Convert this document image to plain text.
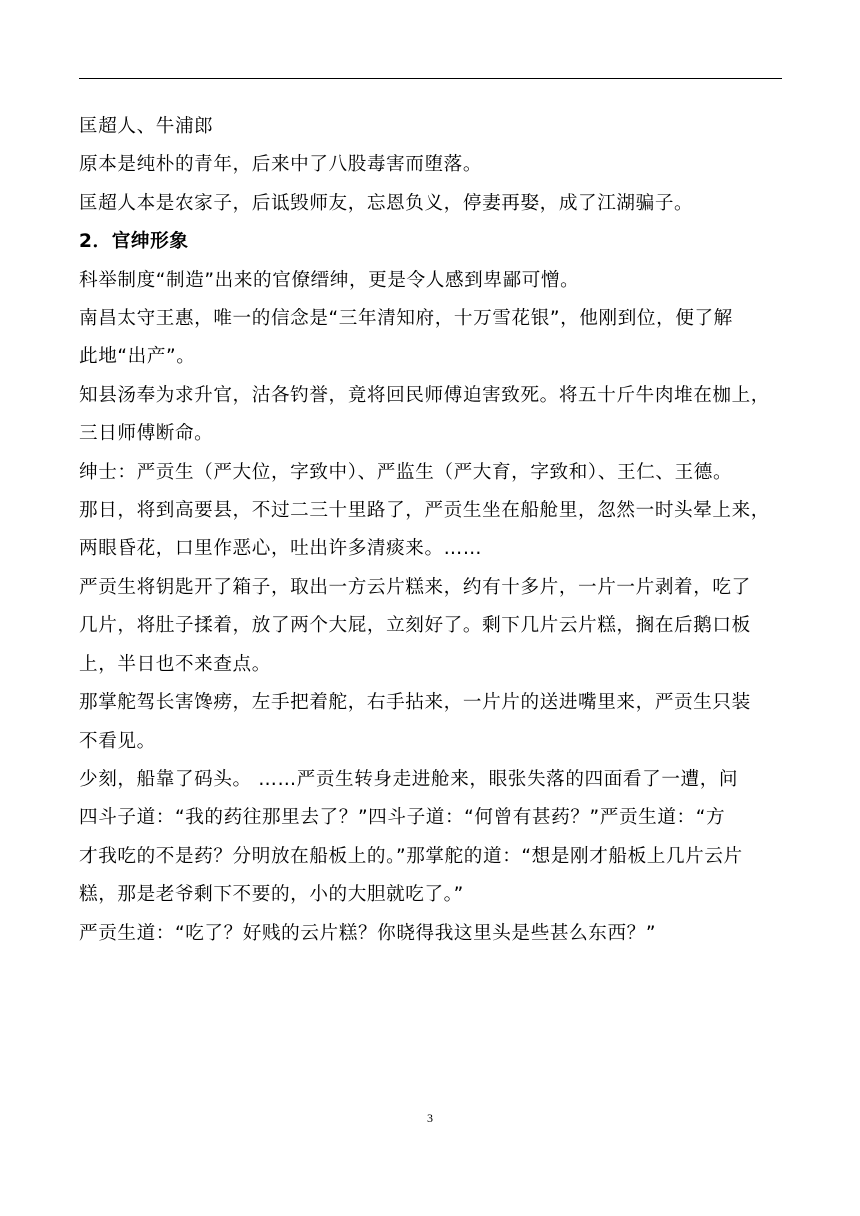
匡超人、牛浦郎
原本是纯朴的青年，后来中了八股毒害而堕落。
匡超人本是农家子，后诋毁师友，忘恩负义，停妻再娶，成了江湖骗子。
2．官绅形象
科举制度“制造”出来的官僚缙绅，更是令人感到卑鄙可憎。
南昌太守王惠，唯一的信念是“三年清知府，十万雪花银”，他刚到位，便了解
此地“出产”。
知县汤奉为求升官，沽各钓誉，竟将回民师傅迫害致死。将五十斤牛肉堆在枷上，
三日师傅断命。
绅士：严贡生（严大位，字致中）、严监生（严大育，字致和）、王仁、王德。
那日，将到高要县，不过二三十里路了，严贡生坐在船舱里，忽然一时头晕上来，
两眼昏花，口里作恶心，吐出许多清痰来。……
严贡生将钥匙开了箱子，取出一方云片糕来，约有十多片，一片一片剥着，吃了
几片，将肚子揉着，放了两个大屁，立刻好了。剩下几片云片糕，搁在后鹅口板
上，半日也不来查点。
那掌舵驾长害馋痨，左手把着舵，右手拈来，一片片的送进嘴里来，严贡生只装
不看见。
少刻，船靠了码头。 ……严贡生转身走进舱来，眼张失落的四面看了一遭，问
四斗子道：“我的药往那里去了？”四斗子道：“何曾有甚药？”严贡生道：“方
才我吃的不是药？分明放在船板上的。”那掌舵的道：“想是刚才船板上几片云片
糕，那是老爷剩下不要的，小的大胆就吃了。”
严贡生道：“吃了？好贱的云片糕？你晓得我这里头是些甚么东西？”
3
